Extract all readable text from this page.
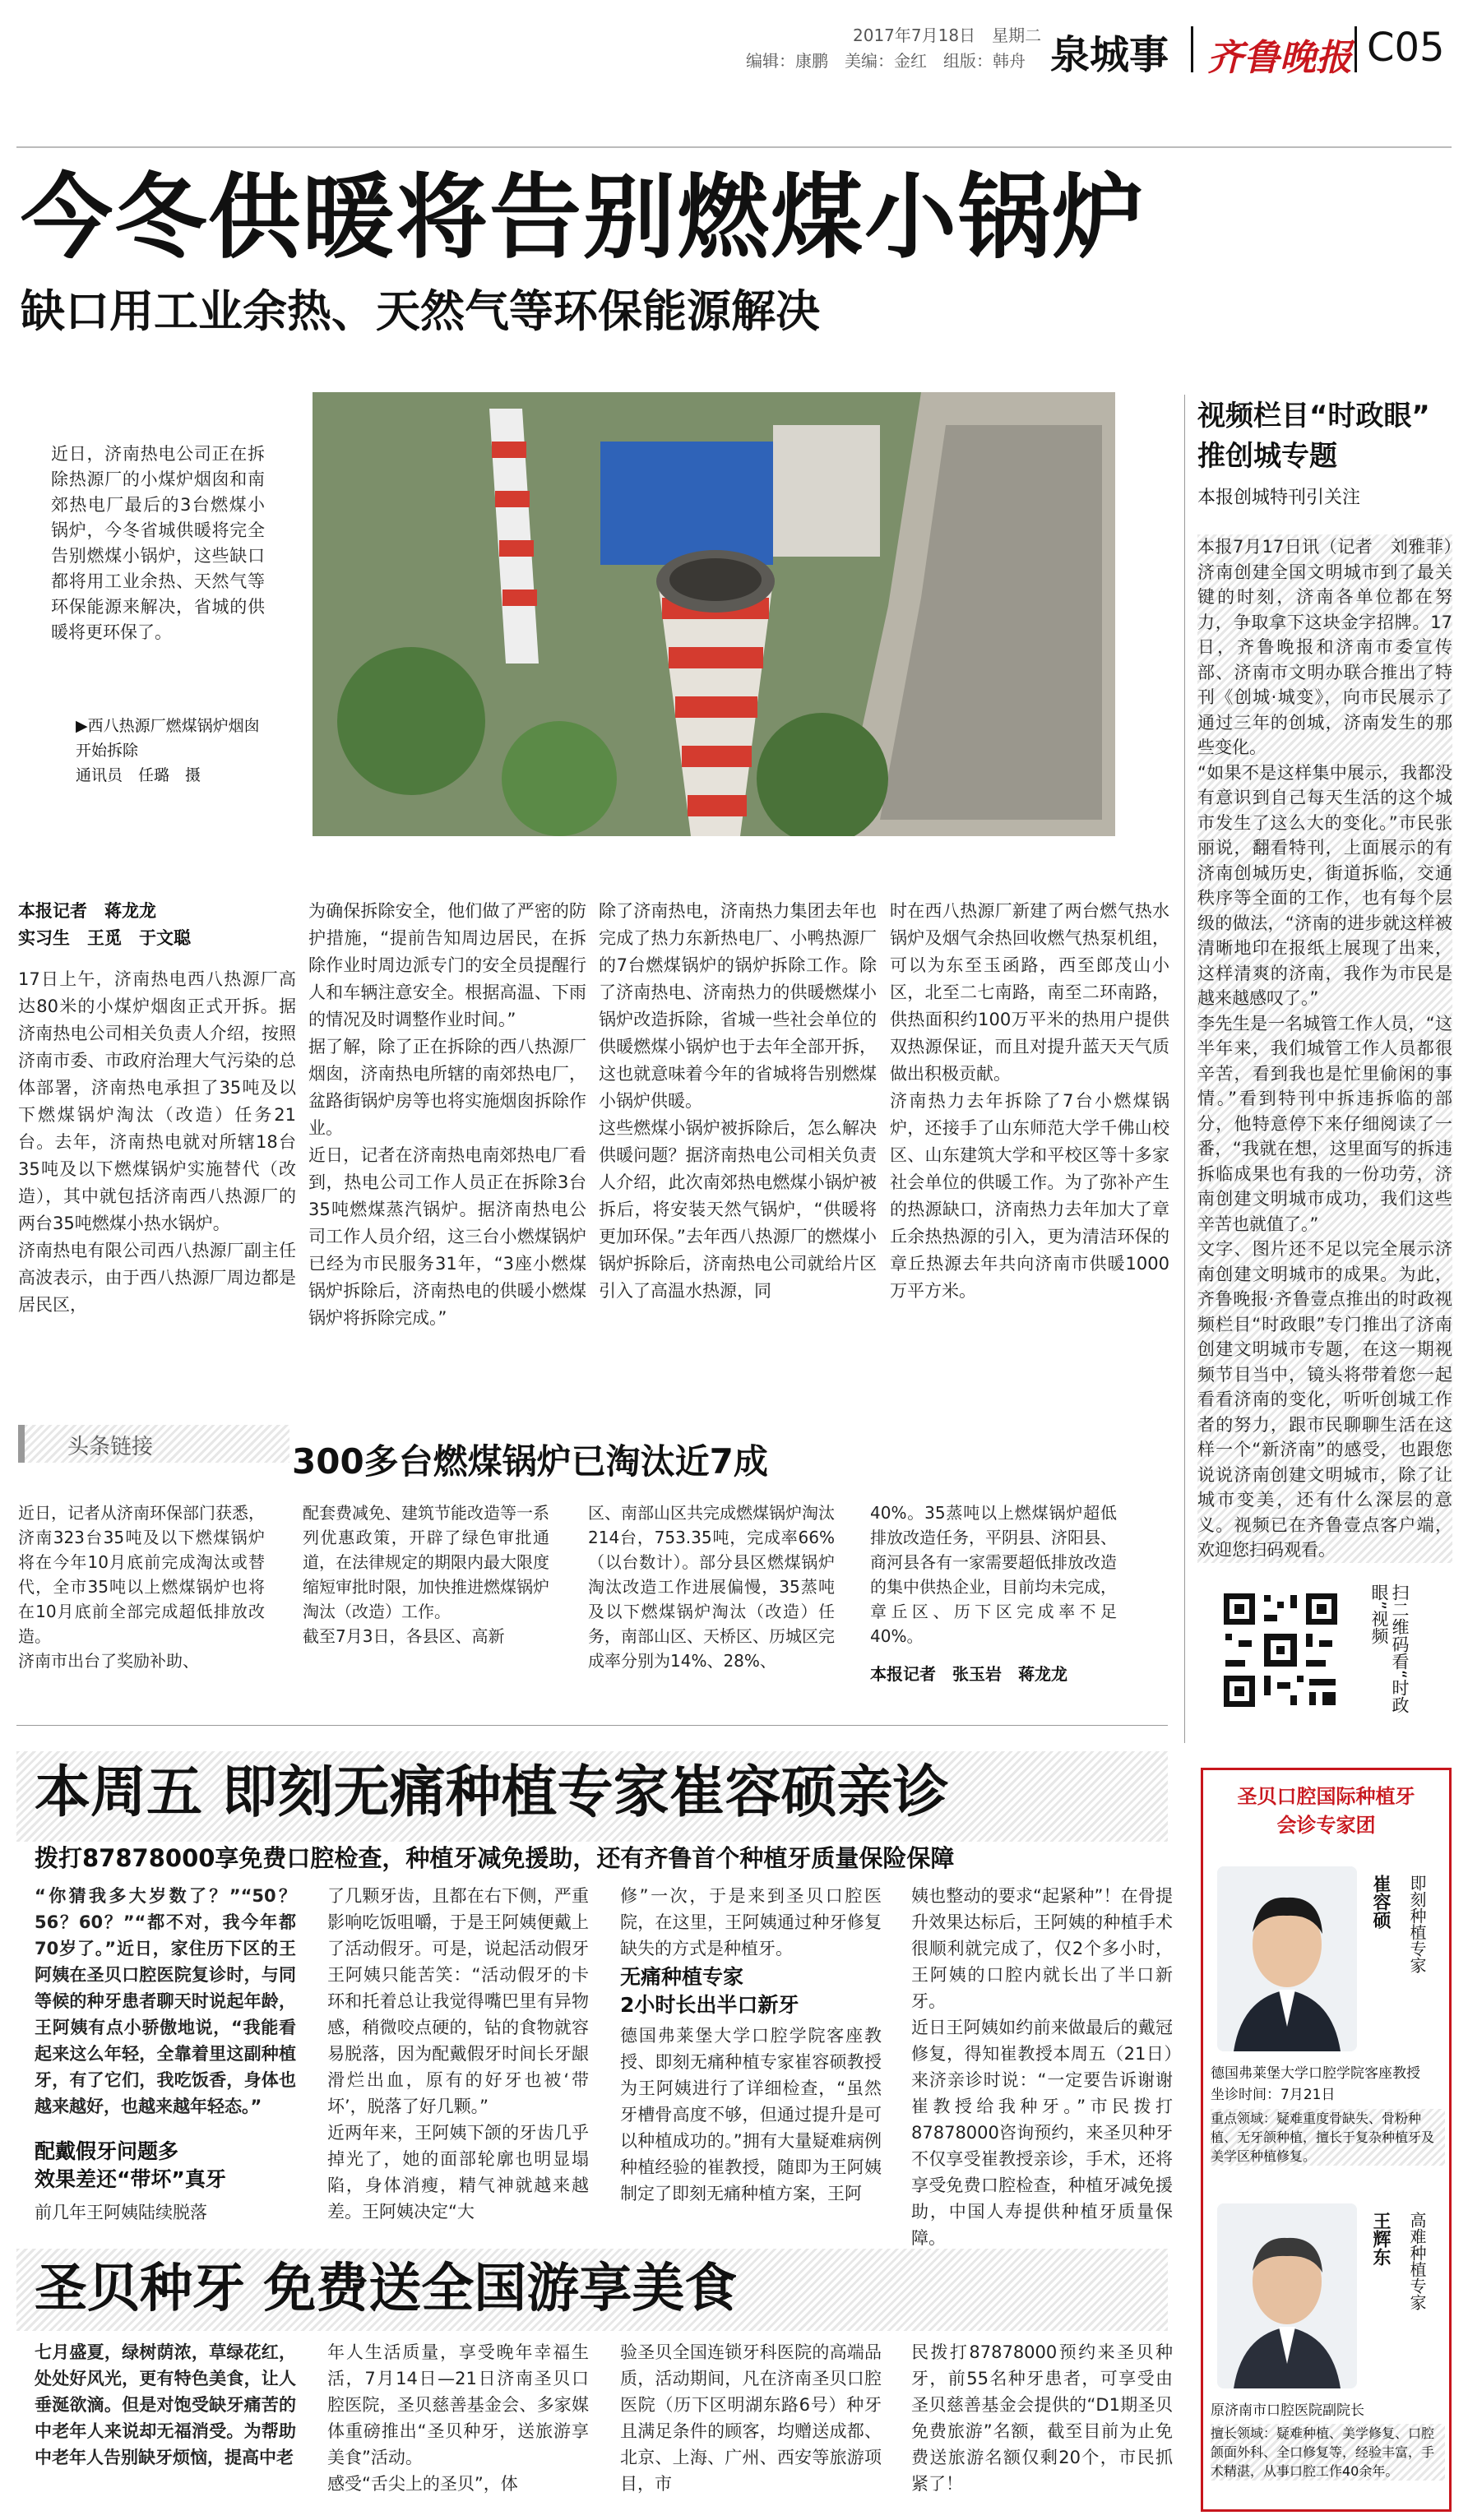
2017年7月18日　星期二
编辑：康鹏　美编：金红　组版：韩舟 泉城事 齐鲁晚报 C05
今冬供暖将告别燃煤小锅炉
缺口用工业余热、天然气等环保能源解决
近日，济南热电公司正在拆除热源厂的小煤炉烟囱和南郊热电厂最后的3台燃煤小锅炉，今冬省城供暖将完全告别燃煤小锅炉，这些缺口都将用工业余热、天然气等环保能源来解决，省城的供暖将更环保了。
▶西八热源厂燃煤锅炉烟囱开始拆除
通讯员　任璐　摄
本报记者　蒋龙龙
实习生　王觅　于文聪
17日上午，济南热电西八热源厂高达80米的小煤炉烟囱正式开拆。据济南热电公司相关负责人介绍，按照济南市委、市政府治理大气污染的总体部署，济南热电承担了35吨及以下燃煤锅炉淘汰（改造）任务21台。去年，济南热电就对所辖18台35吨及以下燃煤锅炉实施替代（改造），其中就包括济南西八热源厂的两台35吨燃煤小热水锅炉。
济南热电有限公司西八热源厂副主任高波表示，由于西八热源厂周边都是居民区，
为确保拆除安全，他们做了严密的防护措施，“提前告知周边居民，在拆除作业时周边派专门的安全员提醒行人和车辆注意安全。根据高温、下雨的情况及时调整作业时间。”
据了解，除了正在拆除的西八热源厂烟囱，济南热电所辖的南郊热电厂，盆路街锅炉房等也将实施烟囱拆除作业。
近日，记者在济南热电南郊热电厂看到，热电公司工作人员正在拆除3台35吨燃煤蒸汽锅炉。据济南热电公司工作人员介绍，这三台小燃煤锅炉已经为市民服务31年，“3座小燃煤锅炉拆除后，济南热电的供暖小燃煤锅炉将拆除完成。”
除了济南热电，济南热力集团去年也完成了热力东新热电厂、小鸭热源厂的7台燃煤锅炉的锅炉拆除工作。除了济南热电、济南热力的供暖燃煤小锅炉改造拆除，省城一些社会单位的供暖燃煤小锅炉也于去年全部开拆，这也就意味着今年的省城将告别燃煤小锅炉供暖。
这些燃煤小锅炉被拆除后，怎么解决供暖问题？据济南热电公司相关负责人介绍，此次南郊热电燃煤小锅炉被拆后，将安装天然气锅炉，“供暖将更加环保。”去年西八热源厂的燃煤小锅炉拆除后，济南热电公司就给片区引入了高温水热源，同
时在西八热源厂新建了两台燃气热水锅炉及烟气余热回收燃气热泵机组，可以为东至玉函路，西至郎茂山小区，北至二七南路，南至二环南路，供热面积约100万平米的热用户提供双热源保证，而且对提升蓝天天气质做出积极贡献。
济南热力去年拆除了7台小燃煤锅炉，还接手了山东师范大学千佛山校区、山东建筑大学和平校区等十多家社会单位的供暖工作。为了弥补产生的热源缺口，济南热力去年加大了章丘余热热源的引入，更为清洁环保的章丘热源去年共向济南市供暖1000万平方米。
视频栏目“时政眼”
推创城专题
本报创城特刊引关注
本报7月17日讯（记者　刘雅菲）济南创建全国文明城市到了最关键的时刻，济南各单位都在努力，争取拿下这块金字招牌。17日，齐鲁晚报和济南市委宣传部、济南市文明办联合推出了特刊《创城·城变》，向市民展示了通过三年的创城，济南发生的那些变化。
“如果不是这样集中展示，我都没有意识到自己每天生活的这个城市发生了这么大的变化。”市民张丽说，翻看特刊，上面展示的有济南创城历史，街道拆临，交通秩序等全面的工作，也有每个层级的做法，“济南的进步就这样被清晰地印在报纸上展现了出来，这样清爽的济南，我作为市民是越来越感叹了。”
李先生是一名城管工作人员，“这半年来，我们城管工作人员都很辛苦，看到我也是忙里偷闲的事情。”看到特刊中拆违拆临的部分，他特意停下来仔细阅读了一番，“我就在想，这里面写的拆违拆临成果也有我的一份功劳，济南创建文明城市成功，我们这些辛苦也就值了。”
文字、图片还不足以完全展示济南创建文明城市的成果。为此，齐鲁晚报·齐鲁壹点推出的时政视频栏目“时政眼”专门推出了济南创建文明城市专题，在这一期视频节目当中，镜头将带着您一起看看济南的变化，听听创城工作者的努力，跟市民聊聊生活在这样一个“新济南”的感受，也跟您说说济南创建文明城市，除了让城市变美，还有什么深层的意义。视频已在齐鲁壹点客户端，欢迎您扫码观看。
扫二维码看“时政眼”视频
头条链接	300多台燃煤锅炉已淘汰近7成
近日，记者从济南环保部门获悉，济南323台35吨及以下燃煤锅炉将在今年10月底前完成淘汰或替代，全市35吨以上燃煤锅炉也将在10月底前全部完成超低排放改造。
济南市出台了奖励补助、
配套费减免、建筑节能改造等一系列优惠政策，开辟了绿色审批通道，在法律规定的期限内最大限度缩短审批时限，加快推进燃煤锅炉淘汰（改造）工作。
截至7月3日，各县区、高新
区、南部山区共完成燃煤锅炉淘汰214台，753.35吨，完成率66%（以台数计）。部分县区燃煤锅炉淘汰改造工作进展偏慢，35蒸吨及以下燃煤锅炉淘汰（改造）任务，南部山区、天桥区、历城区完成率分别为14%、28%、
40%。35蒸吨以上燃煤锅炉超低排放改造任务，平阴县、济阳县、商河县各有一家需要超低排放改造的集中供热企业，目前均未完成，章丘区、历下区完成率不足40%。
本报记者　张玉岩　蒋龙龙
本周五 即刻无痛种植专家崔容硕亲诊
拨打87878000享免费口腔检查，种植牙减免援助，还有齐鲁首个种植牙质量保险保障
“你猜我多大岁数了？”“50？56？60？”“都不对，我今年都70岁了。”近日，家住历下区的王阿姨在圣贝口腔医院复诊时，与同等候的种牙患者聊天时说起年龄，王阿姨有点小骄傲地说，“我能看起来这么年轻，全靠着里这副种植牙，有了它们，我吃饭香，身体也越来越好，也越来越年轻态。”
配戴假牙问题多
效果差还“带坏”真牙
前几年王阿姨陆续脱落
了几颗牙齿，且都在右下侧，严重影响吃饭咀嚼，于是王阿姨便戴上了活动假牙。可是，说起活动假牙王阿姨只能苦笑：“活动假牙的卡环和托着总让我觉得嘴巴里有异物感，稍微咬点硬的，钻的食物就容易脱落，因为配戴假牙时间长牙龈滑烂出血，原有的好牙也被‘带坏’，脱落了好几颗。”
近两年来，王阿姨下颌的牙齿几乎掉光了，她的面部轮廓也明显塌陷，身体消瘦，精气神就越来越差。王阿姨决定“大
修”一次，于是来到圣贝口腔医院，在这里，王阿姨通过种牙修复缺失的方式是种植牙。
无痛种植专家
2小时长出半口新牙
德国弗莱堡大学口腔学院客座教授、即刻无痛种植专家崔容硕教授为王阿姨进行了详细检查，“虽然牙槽骨高度不够，但通过提升是可以种植成功的。”拥有大量疑难病例种植经验的崔教授，随即为王阿姨制定了即刻无痛种植方案，王阿
姨也整动的要求“起紧种”！在骨提升效果达标后，王阿姨的种植手术很顺利就完成了，仅2个多小时，王阿姨的口腔内就长出了半口新牙。
近日王阿姨如约前来做最后的戴冠修复，得知崔教授本周五（21日）来济亲诊时说：“一定要告诉谢谢崔教授给我种牙。”市民拨打87878000咨询预约，来圣贝种牙不仅享受崔教授亲诊，手术，还将享受免费口腔检查，种植牙减免援助，中国人寿提供种植牙质量保障。
圣贝种牙 免费送全国游享美食
七月盛夏，绿树荫浓，草绿花红，处处好风光，更有特色美食，让人垂涎欲滴。但是对饱受缺牙痛苦的中老年人来说却无福消受。为帮助中老年人告别缺牙烦恼，提高中老
年人生活质量，享受晚年幸福生活，7月14日—21日济南圣贝口腔医院，圣贝慈善基金会、多家媒体重磅推出“圣贝种牙，送旅游享美食”活动。
感受“舌尖上的圣贝”，体
验圣贝全国连锁牙科医院的高端品质，活动期间，凡在济南圣贝口腔医院（历下区明湖东路6号）种牙且满足条件的顾客，均赠送成都、北京、上海、广州、西安等旅游项目，市
民拨打87878000预约来圣贝种牙，前55名种牙患者，可享受由圣贝慈善基金会提供的“D1期圣贝免费旅游”名额，截至目前为止免费送旅游名额仅剩20个，市民抓紧了！
圣贝口腔国际种植牙
会诊专家团
崔容硕 即刻种植专家
德国弗莱堡大学口腔学院客座教授
坐诊时间：7月21日
重点领域：疑难重度骨缺失、骨粉种植、无牙颌种植，擅长于复杂种植牙及美学区种植修复。
王辉东 高难种植专家
原济南市口腔医院副院长
擅长领域：疑难种植、美学修复、口腔颌面外科、全口修复等，经验丰富，手术精湛，从事口腔工作40余年。
